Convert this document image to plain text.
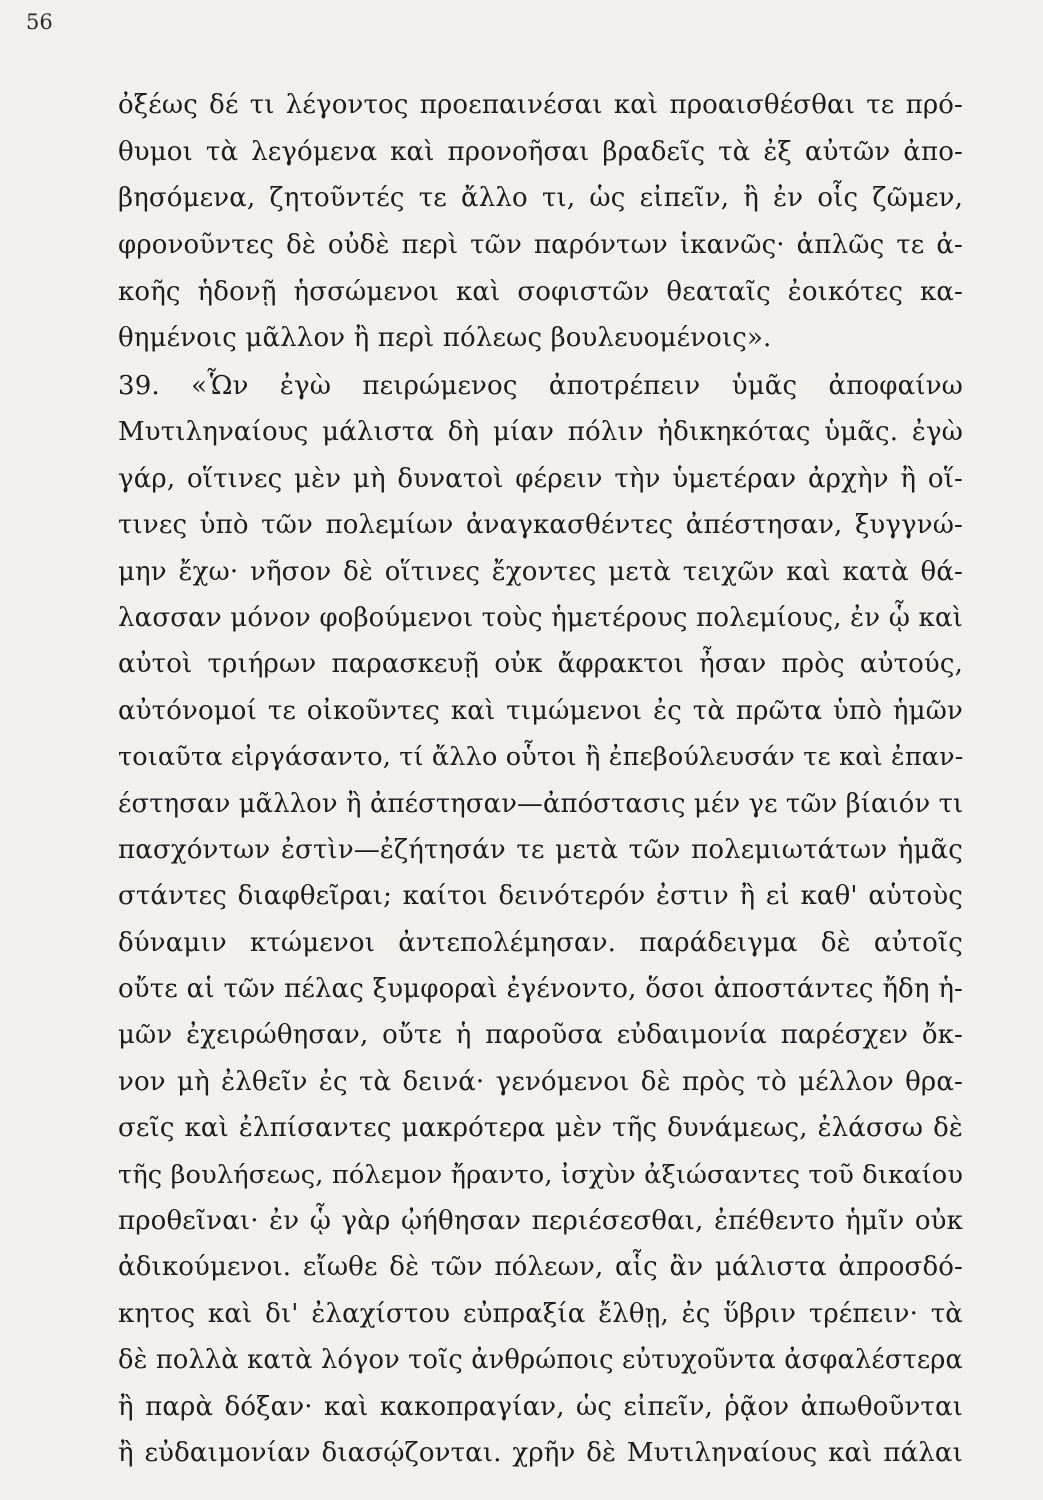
56
ὀξέως δέ τι λέγοντος προεπαινέσαι καὶ προαισθέσθαι τε πρό-
θυμοι τὰ λεγόμενα καὶ προνοῆσαι βραδεῖς τὰ ἐξ αὐτῶν ἀπο-
βησόμενα, ζητοῦντές τε ἄλλο τι, ὡς εἰπεῖν, ἢ ἐν οἷς ζῶμεν,
φρονοῦντες δὲ οὐδὲ περὶ τῶν παρόντων ἱκανῶς· ἁπλῶς τε ἀ-
κοῆς ἡδονῇ ἡσσώμενοι καὶ σοφιστῶν θεαταῖς ἐοικότες κα-
θημένοις μᾶλλον ἢ περὶ πόλεως βουλευομένοις».
39. «Ὧν ἐγὼ πειρώμενος ἀποτρέπειν ὑμᾶς ἀποφαίνω
Μυτιληναίους μάλιστα δὴ μίαν πόλιν ἠδικηκότας ὑμᾶς. ἐγὼ
γάρ, οἵτινες μὲν μὴ δυνατοὶ φέρειν τὴν ὑμετέραν ἀρχὴν ἢ οἵ-
τινες ὑπὸ τῶν πολεμίων ἀναγκασθέντες ἀπέστησαν, ξυγγνώ-
μην ἔχω· νῆσον δὲ οἵτινες ἔχοντες μετὰ τειχῶν καὶ κατὰ θά-
λασσαν μόνον φοβούμενοι τοὺς ἡμετέρους πολεμίους, ἐν ᾧ καὶ
αὐτοὶ τριήρων παρασκευῇ οὐκ ἄφρακτοι ἦσαν πρὸς αὐτούς,
αὐτόνομοί τε οἰκοῦντες καὶ τιμώμενοι ἐς τὰ πρῶτα ὑπὸ ἡμῶν
τοιαῦτα εἰργάσαντο, τί ἄλλο οὗτοι ἢ ἐπεβούλευσάν τε καὶ ἐπαν-
έστησαν μᾶλλον ἢ ἀπέστησαν—ἀπόστασις μέν γε τῶν βίαιόν τι
πασχόντων ἐστὶν—ἐζήτησάν τε μετὰ τῶν πολεμιωτάτων ἡμᾶς
στάντες διαφθεῖραι; καίτοι δεινότερόν ἐστιν ἢ εἰ καθ' αὑτοὺς
δύναμιν κτώμενοι ἀντεπολέμησαν. παράδειγμα δὲ αὐτοῖς
οὔτε αἱ τῶν πέλας ξυμφοραὶ ἐγένοντο, ὅσοι ἀποστάντες ἤδη ἡ-
μῶν ἐχειρώθησαν, οὔτε ἡ παροῦσα εὐδαιμονία παρέσχεν ὄκ-
νον μὴ ἐλθεῖν ἐς τὰ δεινά· γενόμενοι δὲ πρὸς τὸ μέλλον θρα-
σεῖς καὶ ἐλπίσαντες μακρότερα μὲν τῆς δυνάμεως, ἐλάσσω δὲ
τῆς βουλήσεως, πόλεμον ἤραντο, ἰσχὺν ἀξιώσαντες τοῦ δικαίου
προθεῖναι· ἐν ᾧ γὰρ ᾠήθησαν περιέσεσθαι, ἐπέθεντο ἡμῖν οὐκ
ἀδικούμενοι. εἴωθε δὲ τῶν πόλεων, αἷς ἂν μάλιστα ἀπροσδό-
κητος καὶ δι' ἐλαχίστου εὐπραξία ἔλθῃ, ἐς ὕβριν τρέπειν· τὰ
δὲ πολλὰ κατὰ λόγον τοῖς ἀνθρώποις εὐτυχοῦντα ἀσφαλέστερα
ἢ παρὰ δόξαν· καὶ κακοπραγίαν, ὡς εἰπεῖν, ῥᾷον ἀπωθοῦνται
ἢ εὐδαιμονίαν διασῴζονται. χρῆν δὲ Μυτιληναίους καὶ πάλαι
